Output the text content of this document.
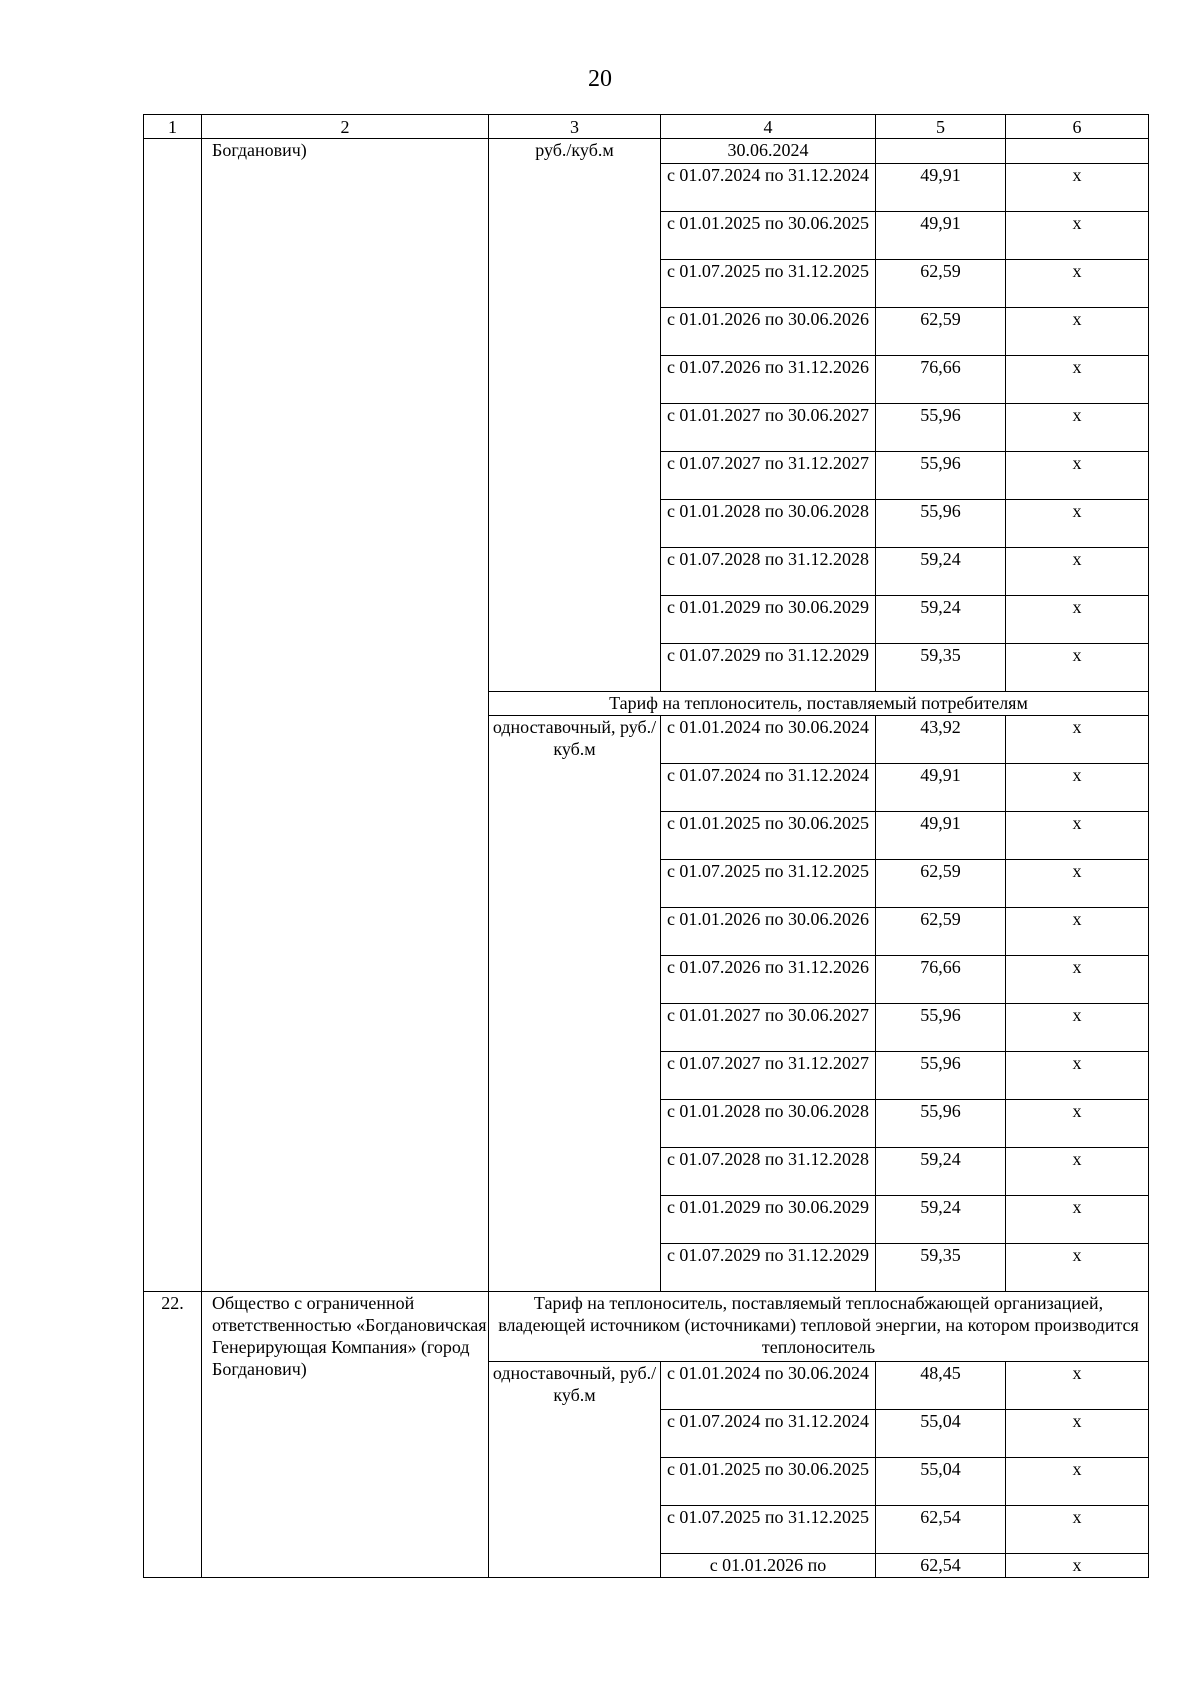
20
1	2	3	4	5	6
	Богданович)	руб./куб.м	30.06.2024		
			с 01.07.2024 по 31.12.2024	49,91	х
			с 01.01.2025 по 30.06.2025	49,91	х
			с 01.07.2025 по 31.12.2025	62,59	х
			с 01.01.2026 по 30.06.2026	62,59	х
			с 01.07.2026 по 31.12.2026	76,66	х
			с 01.01.2027 по 30.06.2027	55,96	х
			с 01.07.2027 по 31.12.2027	55,96	х
			с 01.01.2028 по 30.06.2028	55,96	х
			с 01.07.2028 по 31.12.2028	59,24	х
			с 01.01.2029 по 30.06.2029	59,24	х
			с 01.07.2029 по 31.12.2029	59,35	х
		Тариф на теплоноситель, поставляемый потребителям			
		одноставочный, руб./куб.м	с 01.01.2024 по 30.06.2024	43,92	х
			с 01.07.2024 по 31.12.2024	49,91	х
			с 01.01.2025 по 30.06.2025	49,91	х
			с 01.07.2025 по 31.12.2025	62,59	х
			с 01.01.2026 по 30.06.2026	62,59	х
			с 01.07.2026 по 31.12.2026	76,66	х
			с 01.01.2027 по 30.06.2027	55,96	х
			с 01.07.2027 по 31.12.2027	55,96	х
			с 01.01.2028 по 30.06.2028	55,96	х
			с 01.07.2028 по 31.12.2028	59,24	х
			с 01.01.2029 по 30.06.2029	59,24	х
			с 01.07.2029 по 31.12.2029	59,35	х
22.	Общество с ограниченной ответственностью «Богдановичская Генерирующая Компания» (город Богданович)	Тариф на теплоноситель, поставляемый теплоснабжающей организацией, владеющей источником (источниками) тепловой энергии, на котором производится теплоноситель			
		одноставочный, руб./куб.м	с 01.01.2024 по 30.06.2024	48,45	х
			с 01.07.2024 по 31.12.2024	55,04	х
			с 01.01.2025 по 30.06.2025	55,04	х
			с 01.07.2025 по 31.12.2025	62,54	х
			с 01.01.2026 по	62,54	х
